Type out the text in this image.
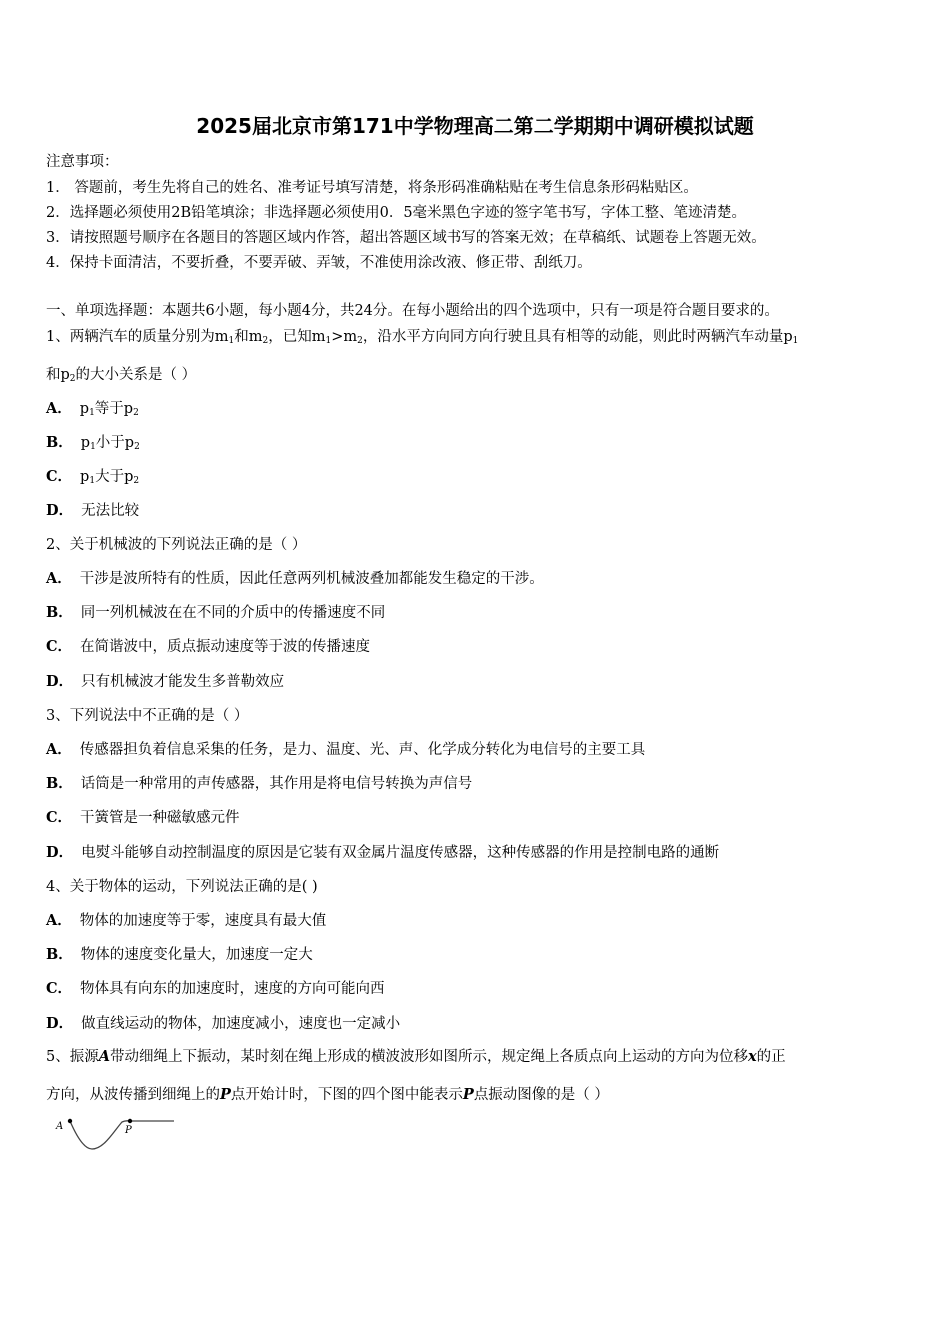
2025届北京市第171中学物理高二第二学期期中调研模拟试题
注意事项：
1． 答题前，考生先将自己的姓名、准考证号填写清楚，将条形码准确粘贴在考生信息条形码粘贴区。
2．选择题必须使用2B铅笔填涂；非选择题必须使用0．5毫米黑色字迹的签字笔书写，字体工整、笔迹清楚。
3．请按照题号顺序在各题目的答题区域内作答，超出答题区域书写的答案无效；在草稿纸、试题卷上答题无效。
4．保持卡面清洁，不要折叠，不要弄破、弄皱，不准使用涂改液、修正带、刮纸刀。
一、单项选择题：本题共6小题，每小题4分，共24分。在每小题给出的四个选项中，只有一项是符合题目要求的。
1、两辆汽车的质量分别为$m_1$和$m_2$，已知$m_1>m_2$，沿水平方向同方向行驶且具有相等的动能，则此时两辆汽车动量$p_1$
和$p_2$的大小关系是（ ）
A． $p_1$等于$p_2$
B． $p_1$小于$p_2$
C． $p_1$大于$p_2$
D． 无法比较
2、关于机械波的下列说法正确的是（ ）
A． 干涉是波所特有的性质，因此任意两列机械波叠加都能发生稳定的干涉。
B． 同一列机械波在在不同的介质中的传播速度不同
C． 在简谐波中，质点振动速度等于波的传播速度
D． 只有机械波才能发生多普勒效应
3、下列说法中不正确的是（ ）
A． 传感器担负着信息采集的任务，是力、温度、光、声、化学成分转化为电信号的主要工具
B． 话筒是一种常用的声传感器，其作用是将电信号转换为声信号
C． 干簧管是一种磁敏感元件
D． 电熨斗能够自动控制温度的原因是它装有双金属片温度传感器，这种传感器的作用是控制电路的通断
4、关于物体的运动，下列说法正确的是( )
A． 物体的加速度等于零，速度具有最大值
B． 物体的速度变化量大，加速度一定大
C． 物体具有向东的加速度时，速度的方向可能向西
D． 做直线运动的物体，加速度减小，速度也一定减小
5、振源A带动细绳上下振动，某时刻在绳上形成的横波波形如图所示，规定绳上各质点向上运动的方向为位移x的正
方向，从波传播到细绳上的P点开始计时，下图的四个图中能表示P点振动图像的是（ ）
A	P
